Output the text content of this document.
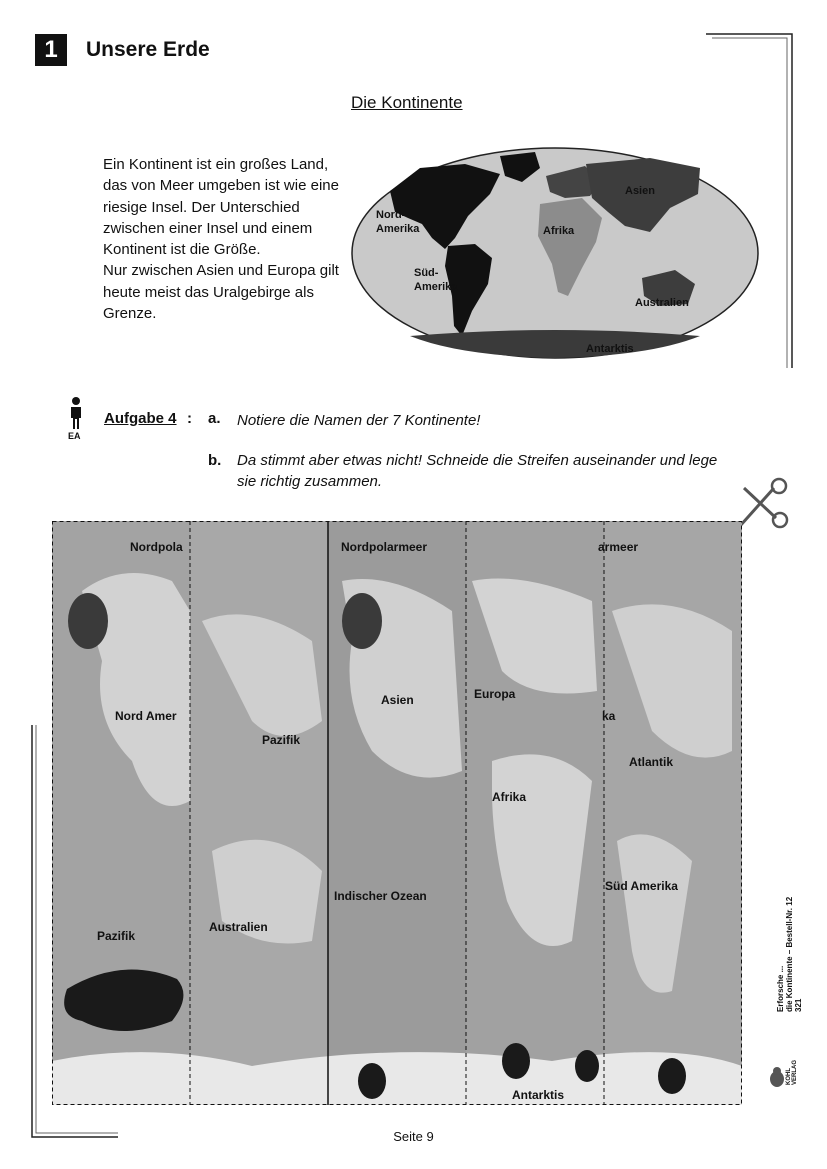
1	Unsere Erde
Die Kontinente

Ein Kontinent ist ein großes Land, das von Meer umgeben ist wie eine riesige Insel. Der Unterschied zwischen einer Insel und einem Kontinent ist die Größe.

Nur zwischen Asien und Europa gilt heute meist das Uralgebirge als Grenze.

Nord-
Amerika
Süd-
Amerika
Afrika
Asien
Australien
Antarktis
EA
Aufgabe 4 : a. Notiere die Namen der 7 Kontinente!
b. Da stimmt aber etwas nicht! Schneide die Streifen auseinander und lege sie richtig zusammen.
Nordpola
Nord Amer
Pazifik
Pazifik
Australien
Nordpolarmeer
Asien
Indischer Ozean
Europa
Afrika
Antarktis
armeer
ka
Atlantik
Süd Amerika
Erforsche ... die Kontinente – Bestell-Nr. 12 321
KOHL VERLAG
Seite 9
